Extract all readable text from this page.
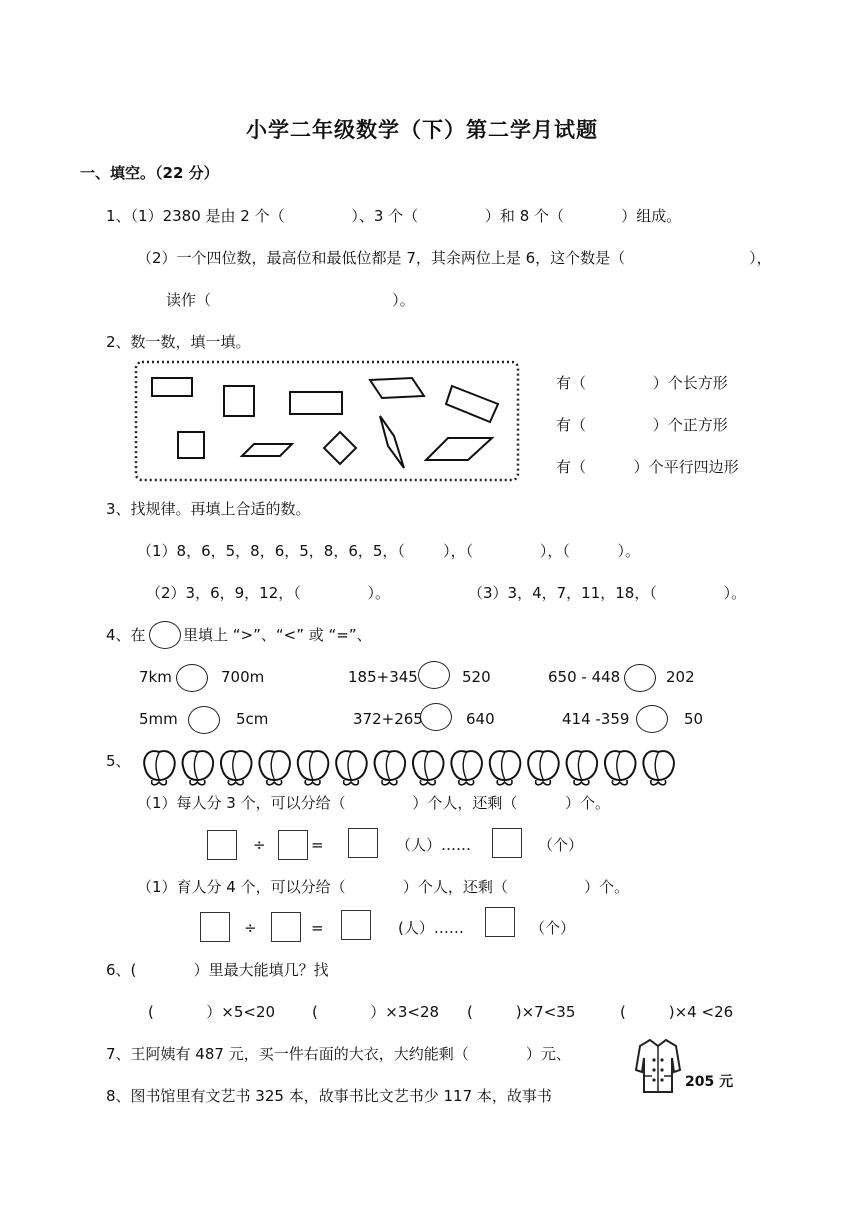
小学二年级数学（下）第二学月试题
一、填空。（22 分）
1、（1）2380 是由 2 个（              ）、3 个（              ）和 8 个（            ）组成。
（2）一个四位数，最高位和最低位都是 7，其余两位上是 6，这个数是（                          ），
读作（                                      ）。
2、数一数，填一填。
有（              ）个长方形
有（              ）个正方形
有（          ）个平行四边形
3、找规律。再填上合适的数。
（1）8，6，5，8，6，5，8，6，5，（        ），（              ），（          ）。
（2）3，6，9，12，（              ）。	（3）3，4，7，11，18，（              ）。
4、在 里填上 “>”、“<” 或 “=”、
7km	700m	185+345	520	650 - 448	202
5mm	5cm	372+265	640	414 -359	50
5、
（1）每人分 3 个，可以分给（              ）个人，还剩（          ）个。
÷	=	（人）……	（个）
（1）育人分 4 个，可以分给（            ）个人，还剩（                ）个。
÷	=	(人）……	（个）
6、(            ）里最大能填几？找
(           ）×5<20 (           ）×3<28 (         )×7<35	(         )×4 <26
7、王阿姨有 487 元，买一件右面的大衣，大约能剩（            ）元、
205 元
8、图书馆里有文艺书 325 本，故事书比文艺书少 117 本，故事书
